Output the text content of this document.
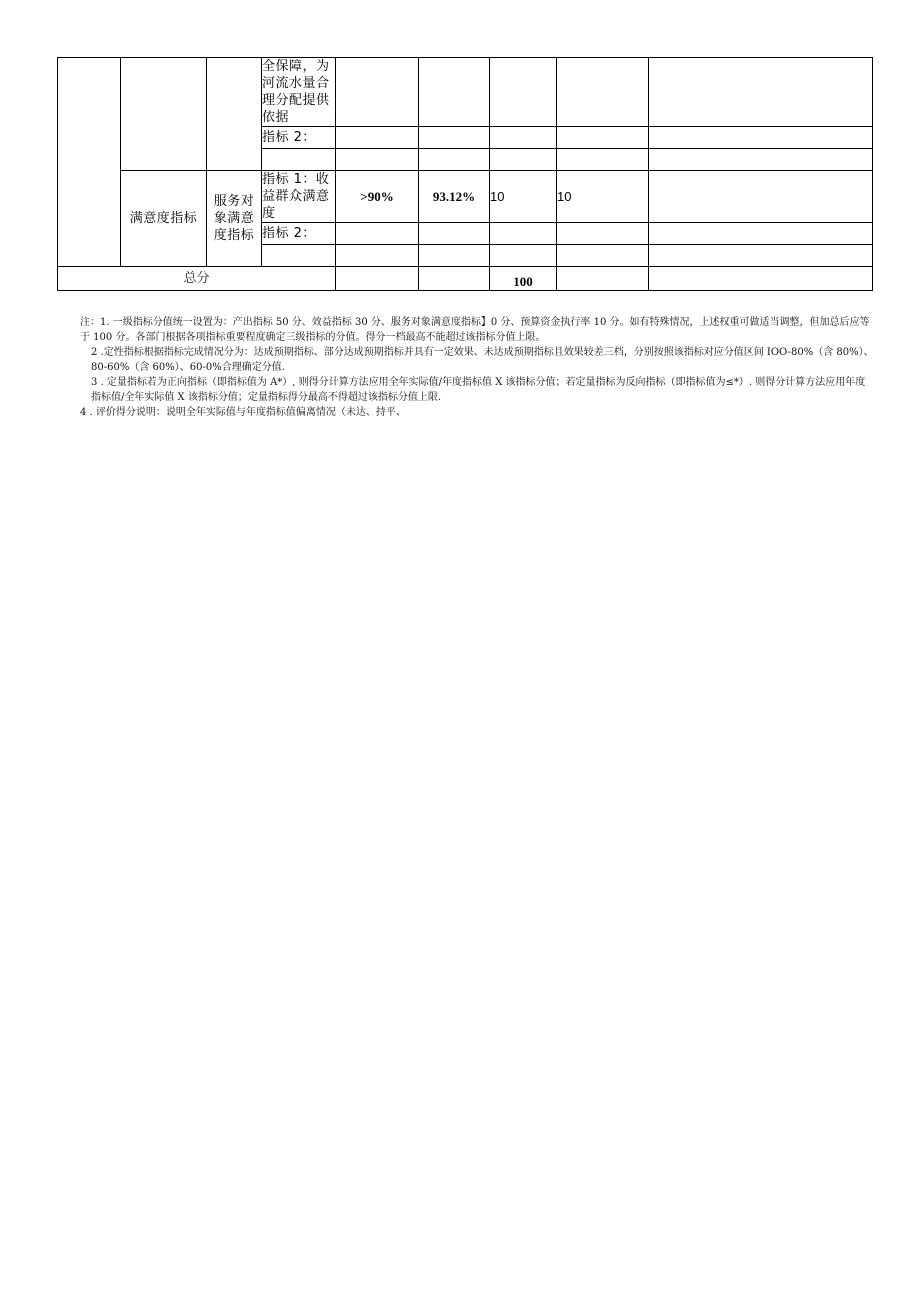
			全保障，为河流水量合理分配提供依据					
			指标 2：					

	满意度指标	服务对象满意度指标	指标 1：收益群众满意度	>90%	93.12%	10	10	
			指标 2：					

总分						100		

注：1. 一级指标分值统一设置为：产出指标 50 分、效益指标 30 分、服务对象满意度指标】0 分、预算资金执行率 10 分。如有特殊情况，上述权重可做适当调整，但加总后应等于 100 分。各部门根据各项指标重要程度确定三级指标的分值。得分一档最高不能超过该指标分值上限。

2 .定性指标根据指标完成情况分为：达成预期指标、部分达成预期指标并具有一定效果、未达成预期指标且效果较差三档，分别按照该指标对应分值区间 IOO-80%（含 80%）、80-60%（含 60%）、60-0%合理确定分值.

3 . 定量指标若为正向指标（即指标值为 A*）, 则得分计算方法应用全年实际值/年度指标值 X 该指标分值；若定量指标为反向指标（即指标值为≤*）. 则得分计算方法应用年度指标值/全年实际值 X 该指标分值；定量指标得分最高不得超过该指标分值上限.

4 . 评价得分说明：说明全年实际值与年度指标值偏离情况（未达、持平、
